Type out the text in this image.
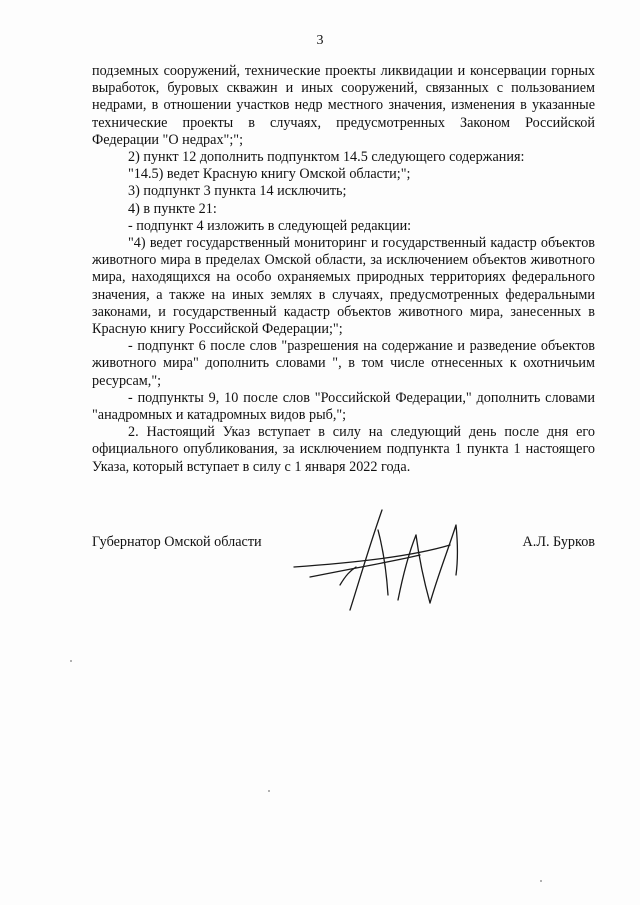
3

подземных сооружений, технические проекты ликвидации и консервации горных выработок, буровых скважин и иных сооружений, связанных с пользованием недрами, в отношении участков недр местного значения, изменения в указанные технические проекты в случаях, предусмотренных Законом Российской Федерации "О недрах";";

2) пункт 12 дополнить подпунктом 14.5 следующего содержания:

"14.5) ведет Красную книгу Омской области;";

3) подпункт 3 пункта 14 исключить;

4) в пункте 21:

- подпункт 4 изложить в следующей редакции:

"4) ведет государственный мониторинг и государственный кадастр объектов животного мира в пределах Омской области, за исключением объектов животного мира, находящихся на особо охраняемых природных территориях федерального значения, а также на иных землях в случаях, предусмотренных федеральными законами, и государственный кадастр объектов животного мира, занесенных в Красную книгу Российской Федерации;";

- подпункт 6 после слов "разрешения на содержание и разведение объектов животного мира" дополнить словами ", в том числе отнесенных к охотничьим ресурсам,";

- подпункты 9, 10 после слов "Российской Федерации," дополнить словами "анадромных и катадромных видов рыб,";

2. Настоящий Указ вступает в силу на следующий день после дня его официального опубликования, за исключением подпункта 1 пункта 1 настоящего Указа, который вступает в силу с 1 января 2022 года.

Губернатор Омской области	А.Л. Бурков
